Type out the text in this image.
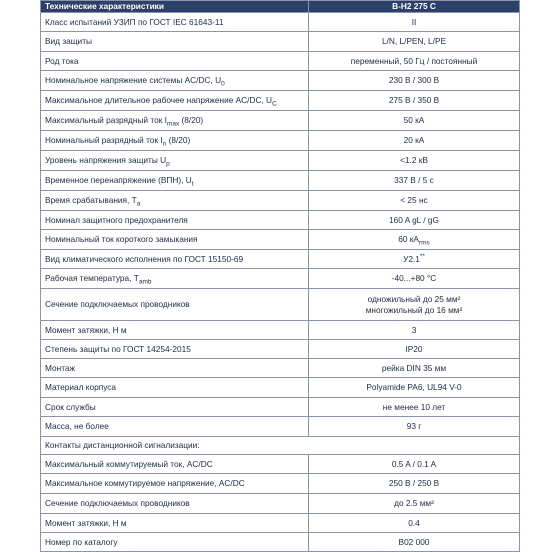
Технические характеристики	B-H2 275 C
Класс испытаний УЗИП по ГОСТ IEC 61643-11	II
Вид защиты	L/N, L/PEN, L/PE
Род тока	переменный, 50 Гц / постоянный
Номинальное напряжение системы AC/DC, $U_0$	230 В / 300 В
Максимальное длительное рабочее напряжение AC/DC, $U_C$	275 В / 350 В
Максимальный разрядный ток $I_{max}$ (8/20)	50 кА
Номинальный разрядный ток $I_n$ (8/20)	20 кА
Уровень напряжения защиты $U_p$	<1.2 кВ
Временное перенапряжение (ВПН), $U_t$	337 В / 5 с
Время срабатывания, $T_a$	< 25 нс
Номинал защитного предохранителя	160 A gL / gG
Номинальный ток короткого замыкания	60 $кA_{rms}$
Вид климатического исполнения по ГОСТ 15150-69	У2.1**
Рабочая температура, $T_{amb}$	-40...+80 °С
Сечение подключаемых проводников	одножильный до 25 мм²
многожильный до 16 мм²

Момент затяжки, Н м	3
Степень защиты по ГОСТ 14254-2015	IP20
Монтаж	рейка DIN 35 мм
Материал корпуса	Polyamide PA6, UL94 V-0
Срок службы	не менее 10 лет
Масса, не более	93 г
Контакты дистанционной сигнализации:	
Максимальный коммутируемый ток, AC/DC	0.5 A / 0.1 A
Максимальное коммутируемое напряжение, AC/DC	250 В / 250 В
Сечение подключаемых проводников	до 2.5 мм²
Момент затяжки, Н м	0.4
Номер по каталогу	B02 000
